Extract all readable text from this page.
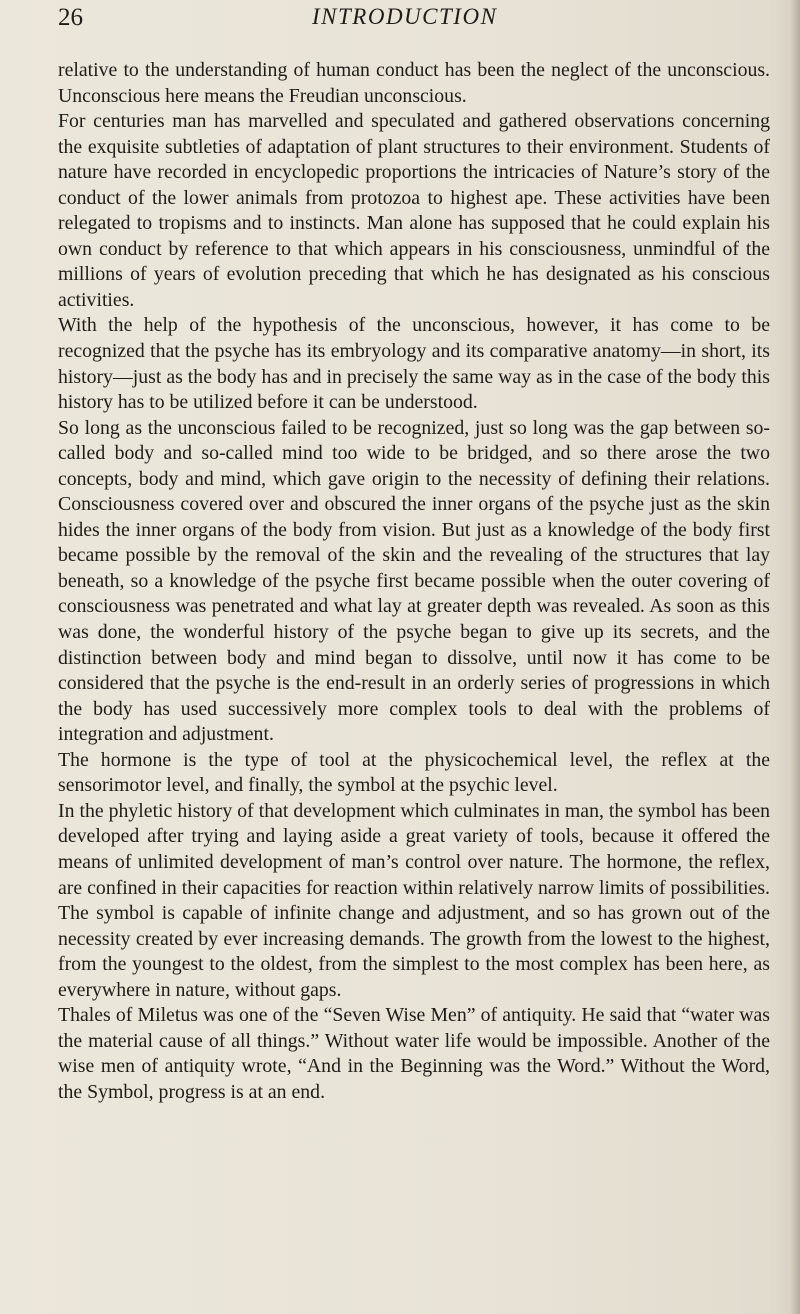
26	INTRODUCTION

relative to the understanding of human conduct has been the neglect of the unconscious. Unconscious here means the Freudian unconscious.

For centuries man has marvelled and speculated and gathered observations concerning the exquisite subtleties of adaptation of plant structures to their environment. Students of nature have recorded in encyclopedic proportions the intricacies of Nature’s story of the conduct of the lower animals from protozoa to highest ape. These activities have been relegated to tropisms and to instincts. Man alone has supposed that he could explain his own conduct by reference to that which appears in his consciousness, unmindful of the millions of years of evolution preceding that which he has designated as his conscious activities.

With the help of the hypothesis of the unconscious, however, it has come to be recognized that the psyche has its embryology and its comparative anatomy—in short, its history—just as the body has and in precisely the same way as in the case of the body this history has to be utilized before it can be understood.

So long as the unconscious failed to be recognized, just so long was the gap between so-called body and so-called mind too wide to be bridged, and so there arose the two concepts, body and mind, which gave origin to the necessity of defining their relations. Consciousness covered over and obscured the inner organs of the psyche just as the skin hides the inner organs of the body from vision. But just as a knowledge of the body first became possible by the removal of the skin and the revealing of the structures that lay beneath, so a knowledge of the psyche first became possible when the outer covering of consciousness was penetrated and what lay at greater depth was revealed. As soon as this was done, the wonderful history of the psyche began to give up its secrets, and the distinction between body and mind began to dissolve, until now it has come to be considered that the psyche is the end-result in an orderly series of progressions in which the body has used successively more complex tools to deal with the problems of integration and adjustment.

The hormone is the type of tool at the physicochemical level, the reflex at the sensorimotor level, and finally, the symbol at the psychic level.

In the phyletic history of that development which culminates in man, the symbol has been developed after trying and laying aside a great variety of tools, because it offered the means of unlimited development of man’s control over nature. The hormone, the reflex, are confined in their capacities for reaction within relatively narrow limits of possibilities. The symbol is capable of infinite change and adjustment, and so has grown out of the necessity created by ever increasing demands. The growth from the lowest to the highest, from the youngest to the oldest, from the simplest to the most complex has been here, as everywhere in nature, without gaps.

Thales of Miletus was one of the “Seven Wise Men” of antiquity. He said that “water was the material cause of all things.” Without water life would be impossible. Another of the wise men of antiquity wrote, “And in the Beginning was the Word.” Without the Word, the Symbol, progress is at an end.
